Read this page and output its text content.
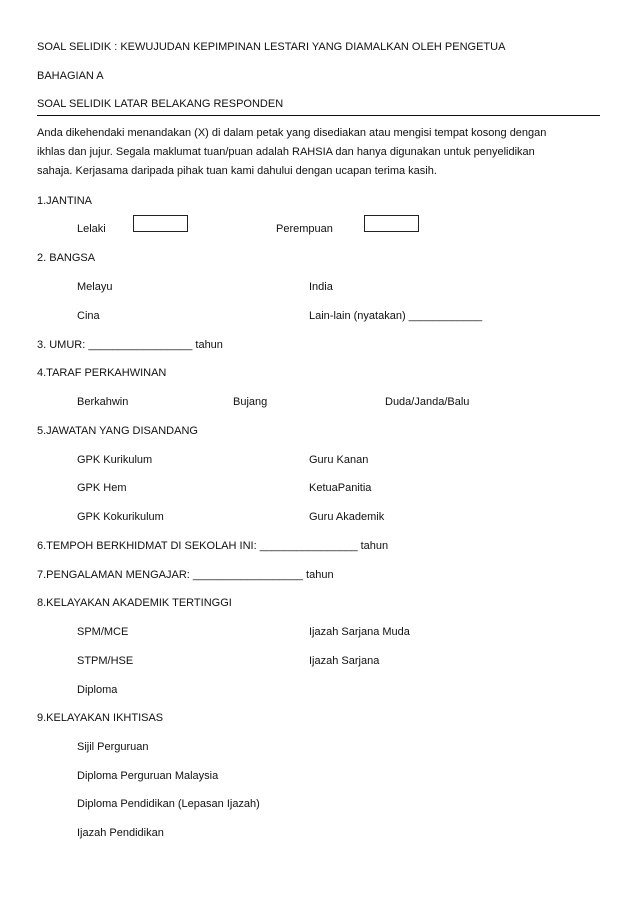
SOAL SELIDIK : KEWUJUDAN KEPIMPINAN LESTARI YANG DIAMALKAN OLEH PENGETUA
BAHAGIAN A
SOAL SELIDIK LATAR BELAKANG RESPONDEN
Anda dikehendaki menandakan (X) di dalam petak yang disediakan atau mengisi tempat kosong dengan
ikhlas dan jujur. Segala maklumat tuan/puan adalah RAHSIA dan hanya digunakan untuk penyelidikan
sahaja. Kerjasama daripada pihak tuan kami dahului dengan ucapan terima kasih.
1.JANTINA
Lelaki	Perempuan
2. BANGSA
Melayu	India
Cina	Lain-lain (nyatakan) ____________
3. UMUR: _________________ tahun
4.TARAF PERKAHWINAN
Berkahwin	Bujang	Duda/Janda/Balu
5.JAWATAN YANG DISANDANG
GPK Kurikulum	Guru Kanan
GPK Hem	KetuaPanitia
GPK Kokurikulum	Guru Akademik
6.TEMPOH BERKHIDMAT DI SEKOLAH INI: ________________ tahun
7.PENGALAMAN MENGAJAR: __________________ tahun
8.KELAYAKAN AKADEMIK TERTINGGI
SPM/MCE	Ijazah Sarjana Muda
STPM/HSE	Ijazah Sarjana
Diploma
9.KELAYAKAN IKHTISAS
Sijil Perguruan
Diploma Perguruan Malaysia
Diploma Pendidikan (Lepasan Ijazah)
Ijazah Pendidikan
